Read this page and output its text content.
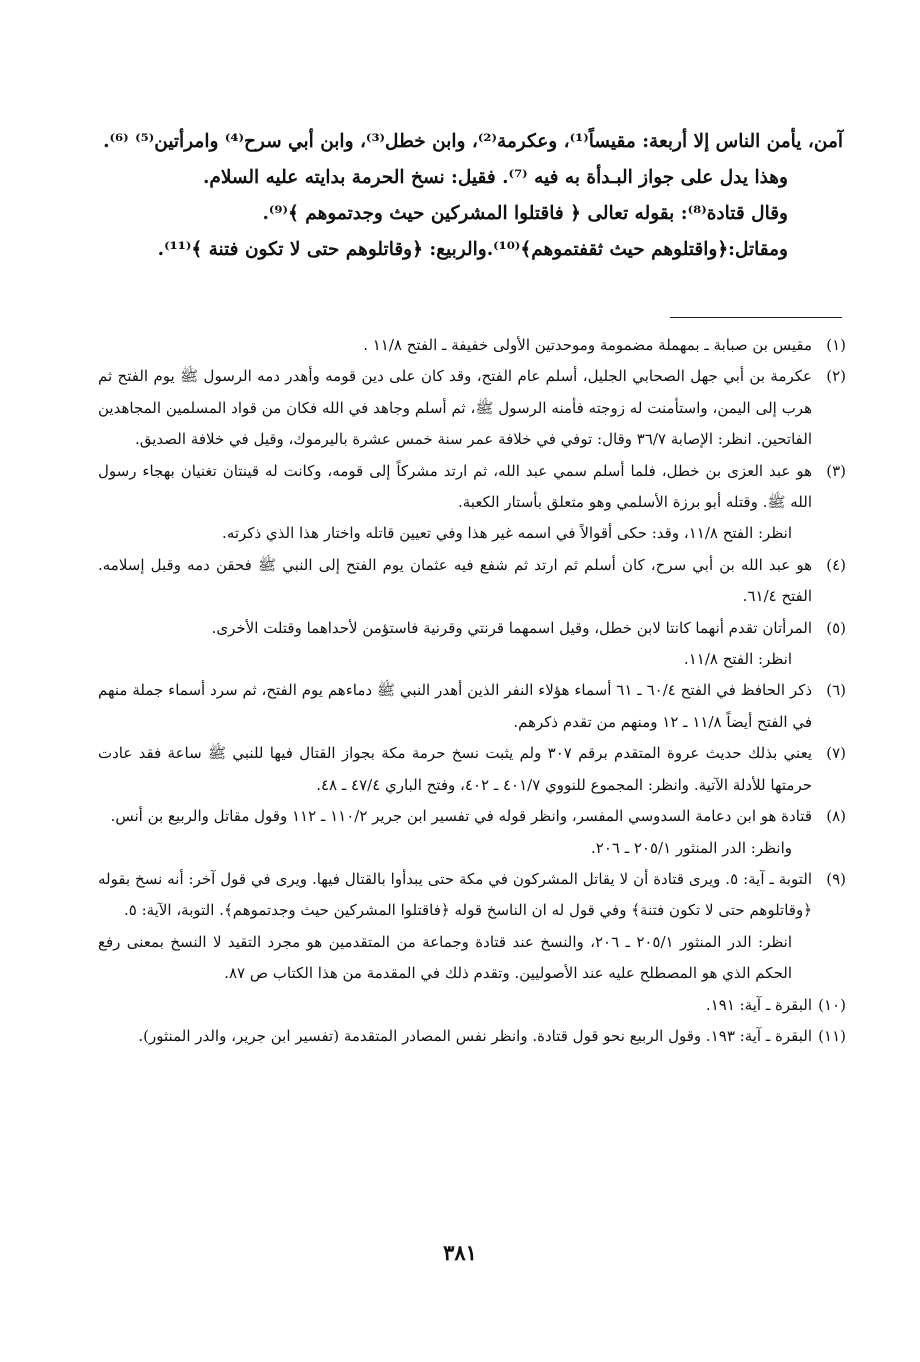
آمن، يأمن الناس إلا أربعة: مقيساً⁽¹⁾، وعكرمة⁽²⁾، وابن خطل⁽³⁾، وابن أبي سرح⁽⁴⁾ وامرأتين⁽⁵⁾ ⁽⁶⁾.

وهذا يدل على جواز البـدأة به فيه ⁽⁷⁾. فقيل: نسخ الحرمة بدايته عليه السلام.

وقال قتادة⁽⁸⁾: بقوله تعالى ﴿ فاقتلوا المشركين حيث وجدتموهم ﴾⁽⁹⁾.

ومقاتل:﴿واقتلوهم حيث ثقفتموهم﴾⁽¹⁰⁾.والربيع: ﴿وقاتلوهم حتى لا تكون فتنة ﴾⁽¹¹⁾.

(١)
مقيس بن صبابة ـ بمهملة مضمومة وموحدتين الأولى خفيفة ـ الفتح ١١/٨ .
(٢)
عكرمة بن أبي جهل الصحابي الجليل، أسلم عام الفتح، وقد كان على دين قومه وأهدر دمه الرسول ﷺ يوم الفتح ثم هرب إلى اليمن، واستأمنت له زوجته فأمنه الرسول ﷺ، ثم أسلم وجاهد في الله فكان من قواد المسلمين المجاهدين الفاتحين. انظر: الإصابة ٣٦/٧ وقال: توفي في خلافة عمر سنة خمس عشرة باليرموك، وقيل في خلافة الصديق.
(٣)
هو عبد العزى بن خطل، فلما أسلم سمي عبد الله، ثم ارتد مشركاً إلى قومه، وكانت له قينتان تغنيان بهجاء رسول الله ﷺ. وقتله أبو برزة الأسلمي وهو متعلق بأستار الكعبة.
انظر: الفتح ١١/٨، وقد: حكى أقوالاً في اسمه غير هذا وفي تعيين قاتله واختار هذا الذي ذكرته.
(٤)
هو عبد الله بن أبي سرح، كان أسلم ثم ارتد ثم شفع فيه عثمان يوم الفتح إلى النبي ﷺ فحقن دمه وقبل إسلامه. الفتح ٦١/٤.
(٥)
المرأتان تقدم أنهما كانتا لابن خطل، وقيل اسمهما قرنتي وقرنية فاستؤمن لأحداهما وقتلت الأخرى.
انظر: الفتح ١١/٨.
(٦)
ذكر الحافظ في الفتح ٦٠/٤ ـ ٦١ أسماء هؤلاء النفر الذين أهدر النبي ﷺ دماءهم يوم الفتح، ثم سرد أسماء جملة منهم في الفتح أيضاً ١١/٨ ـ ١٢ ومنهم من تقدم ذكرهم.
(٧)
يعني بذلك حديث عروة المتقدم برقم ٣٠٧ ولم يثبت نسخ حرمة مكة بجواز القتال فيها للنبي ﷺ ساعة فقد عادت حرمتها للأدلة الآتية. وانظر: المجموع للنووي ٤٠١/٧ ـ ٤٠٢، وفتح الباري ٤٧/٤ ـ ٤٨.
(٨)
قتادة هو ابن دعامة السدوسي المفسر، وانظر قوله في تفسير ابن جرير ١١٠/٢ ـ ١١٢ وقول مقاتل والربيع بن أنس.
وانظر: الدر المنثور ٢٠٥/١ ـ ٢٠٦.
(٩)
التوبة ـ آية: ٥. ويرى قتادة أن لا يقاتل المشركون في مكة حتى يبدأوا بالقتال فيها. ويرى في قول آخر: أنه نسخ بقوله ﴿وقاتلوهم حتى لا تكون فتنة﴾ وفي قول له ان الناسخ قوله ﴿فاقتلوا المشركين حيث وجدتموهم﴾. التوبة، الآية: ٥.
انظر: الدر المنثور ٢٠٥/١ ـ ٢٠٦، والنسخ عند قتادة وجماعة من المتقدمين هو مجرد التقيد لا النسخ بمعنى رفع الحكم الذي هو المصطلح عليه عند الأصوليين. وتقدم ذلك في المقدمة من هذا الكتاب ص ٨٧.
(١٠)
البقرة ـ آية: ١٩١.
(١١)
البقرة ـ آية: ١٩٣. وقول الربيع نحو قول قتادة. وانظر نفس المصادر المتقدمة (تفسير ابن جرير، والدر المنثور).
٣٨١
